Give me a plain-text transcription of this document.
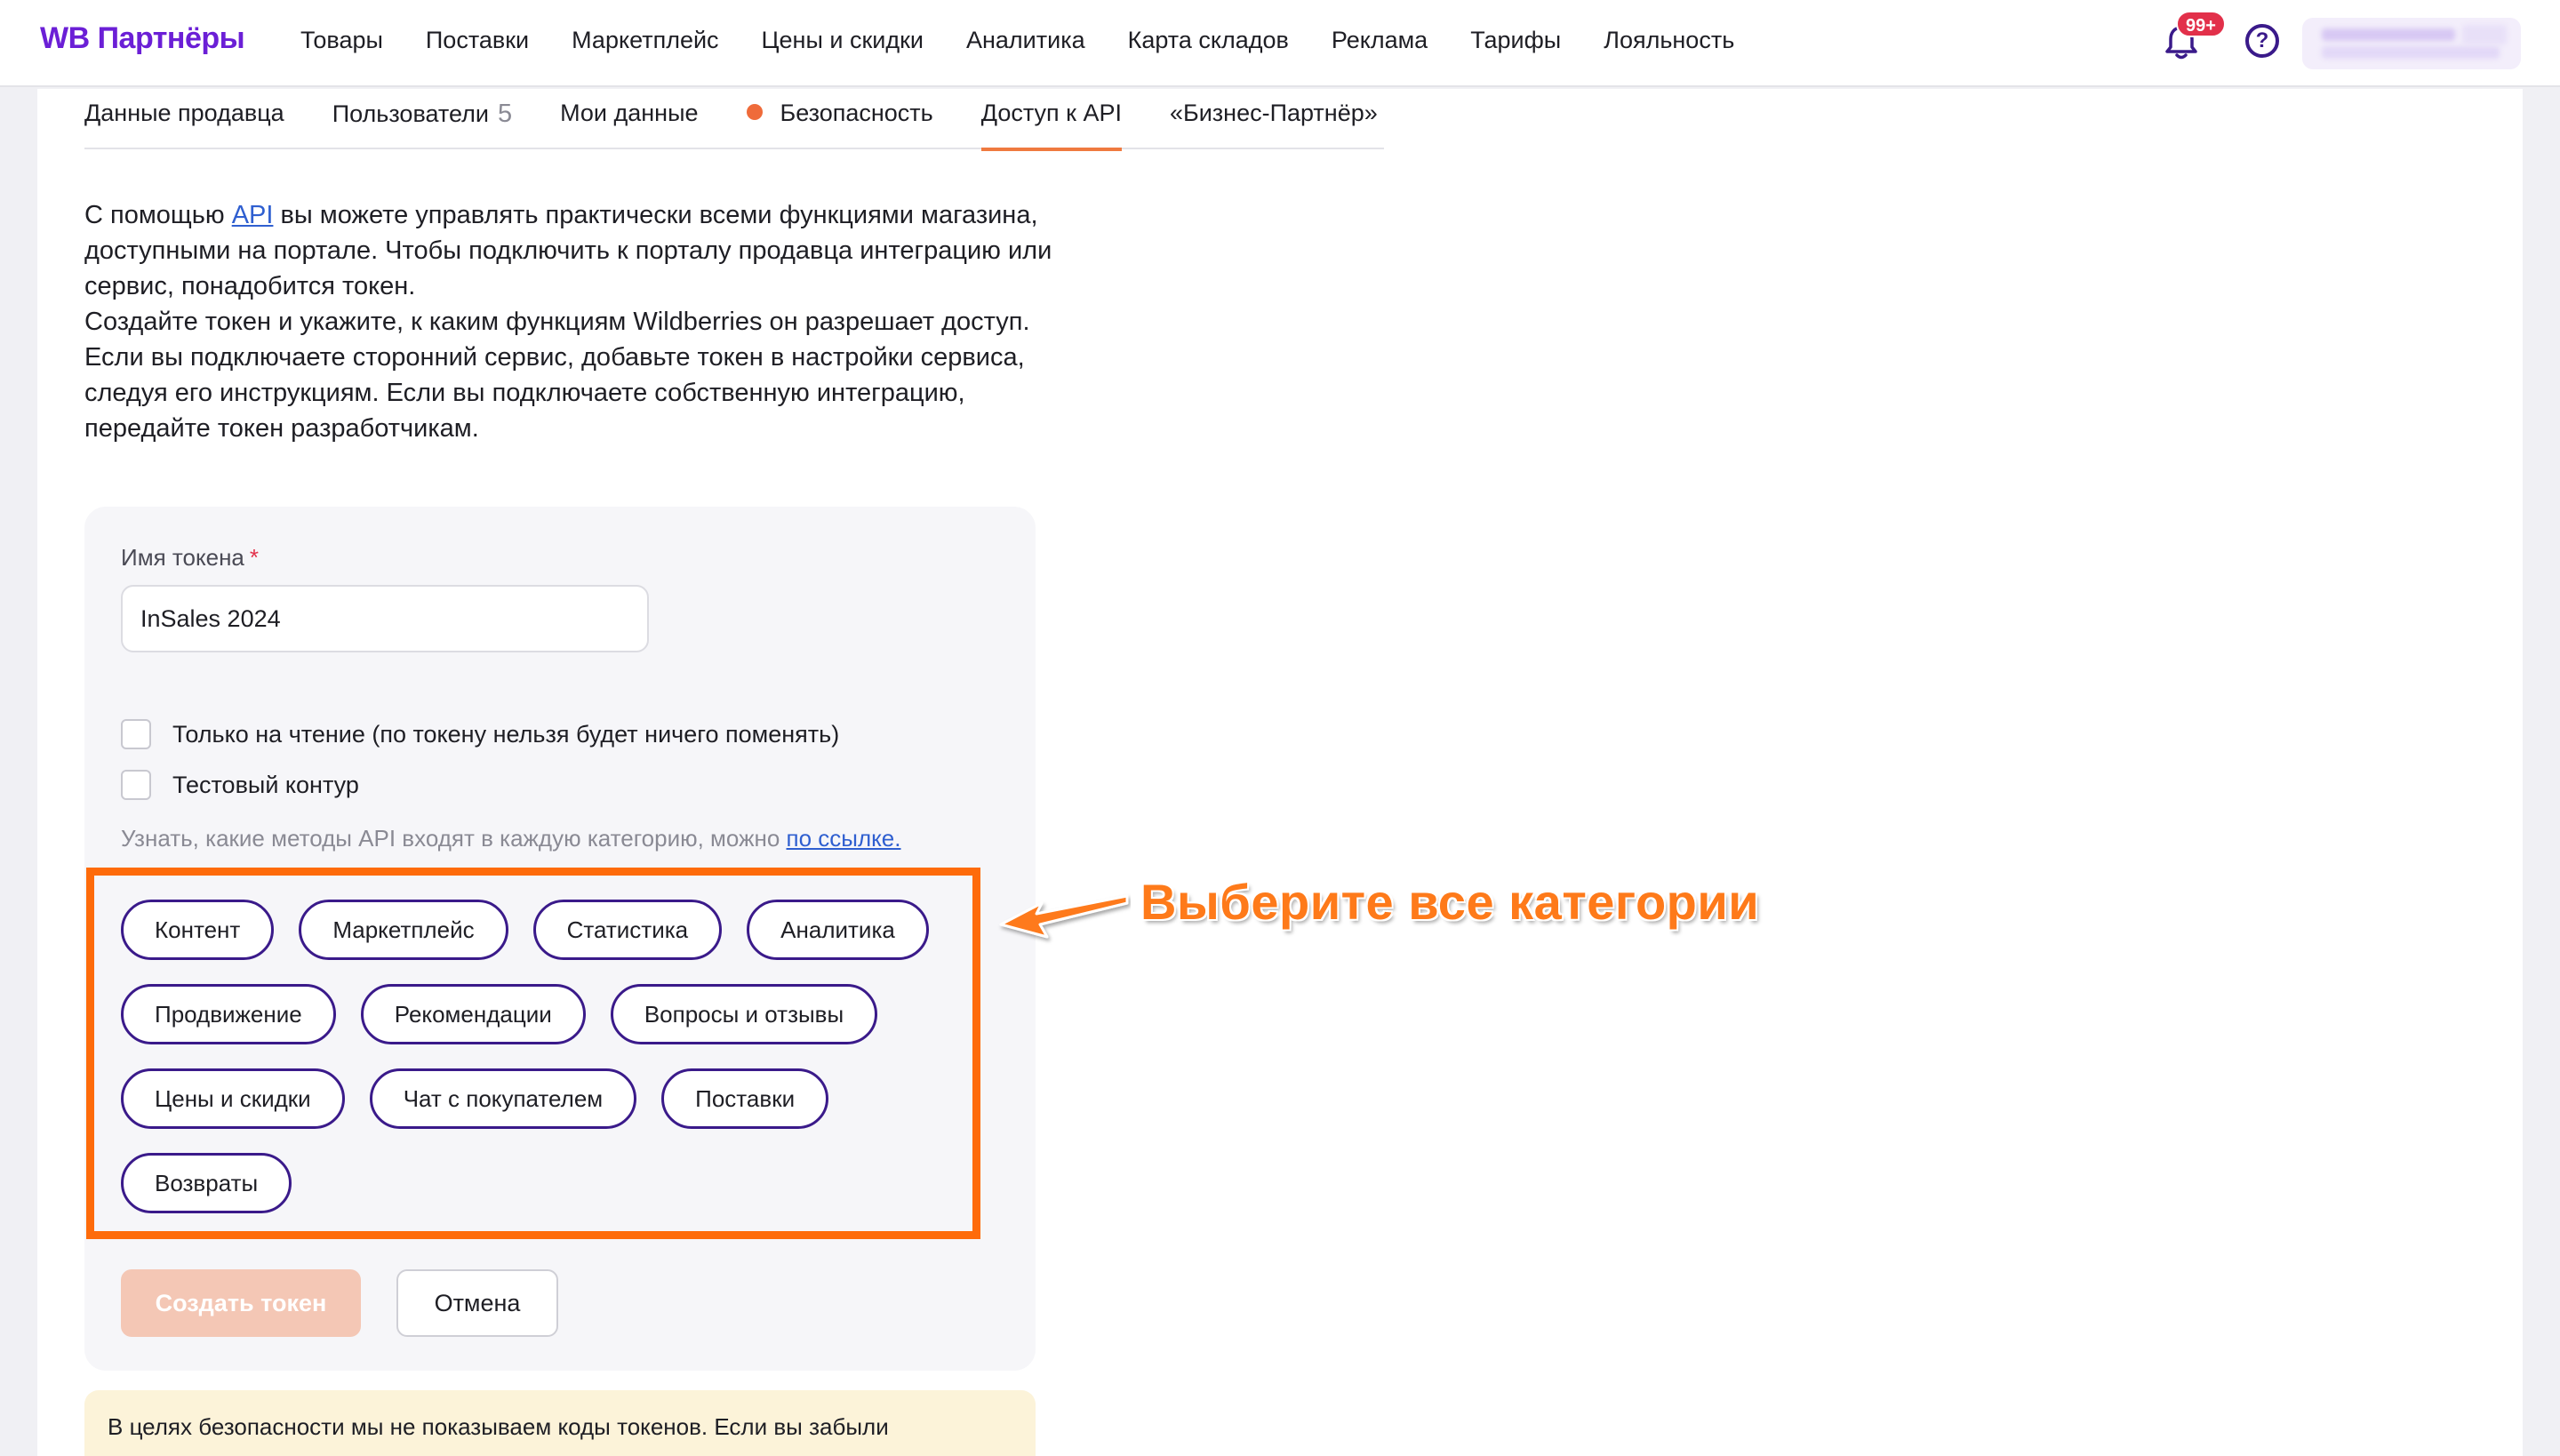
WB Партнёры Товары Поставки Маркетплейс Цены и скидки Аналитика Карта складов Реклама Тарифы Лояльность
99+
?
Данные продавца Пользователи 5 Мои данные	Безопасность Доступ к API «Бизнес-Партнёр»

С помощью API вы можете управлять практически всеми функциями магазина, доступными на портале. Чтобы подключить к порталу продавца интеграцию или сервис, понадобится токен.

Создайте токен и укажите, к каким функциям Wildberries он разрешает доступ. Если вы подключаете сторонний сервис, добавьте токен в настройки сервиса, следуя его инструкциям. Если вы подключаете собственную интеграцию, передайте токен разработчикам.

Имя токена *
InSales 2024
Только на чтение (по токену нельзя будет ничего поменять)
Тестовый контур
Узнать, какие методы API входят в каждую категорию, можно по ссылке.
Контент	Маркетплейс	Статистика	Аналитика
Продвижение	Рекомендации	Вопросы и отзывы
Цены и скидки	Чат с покупателем	Поставки
Возвраты
Выберите все категории
Создать токен	Отмена
В целях безопасности мы не показываем коды токенов. Если вы забыли
